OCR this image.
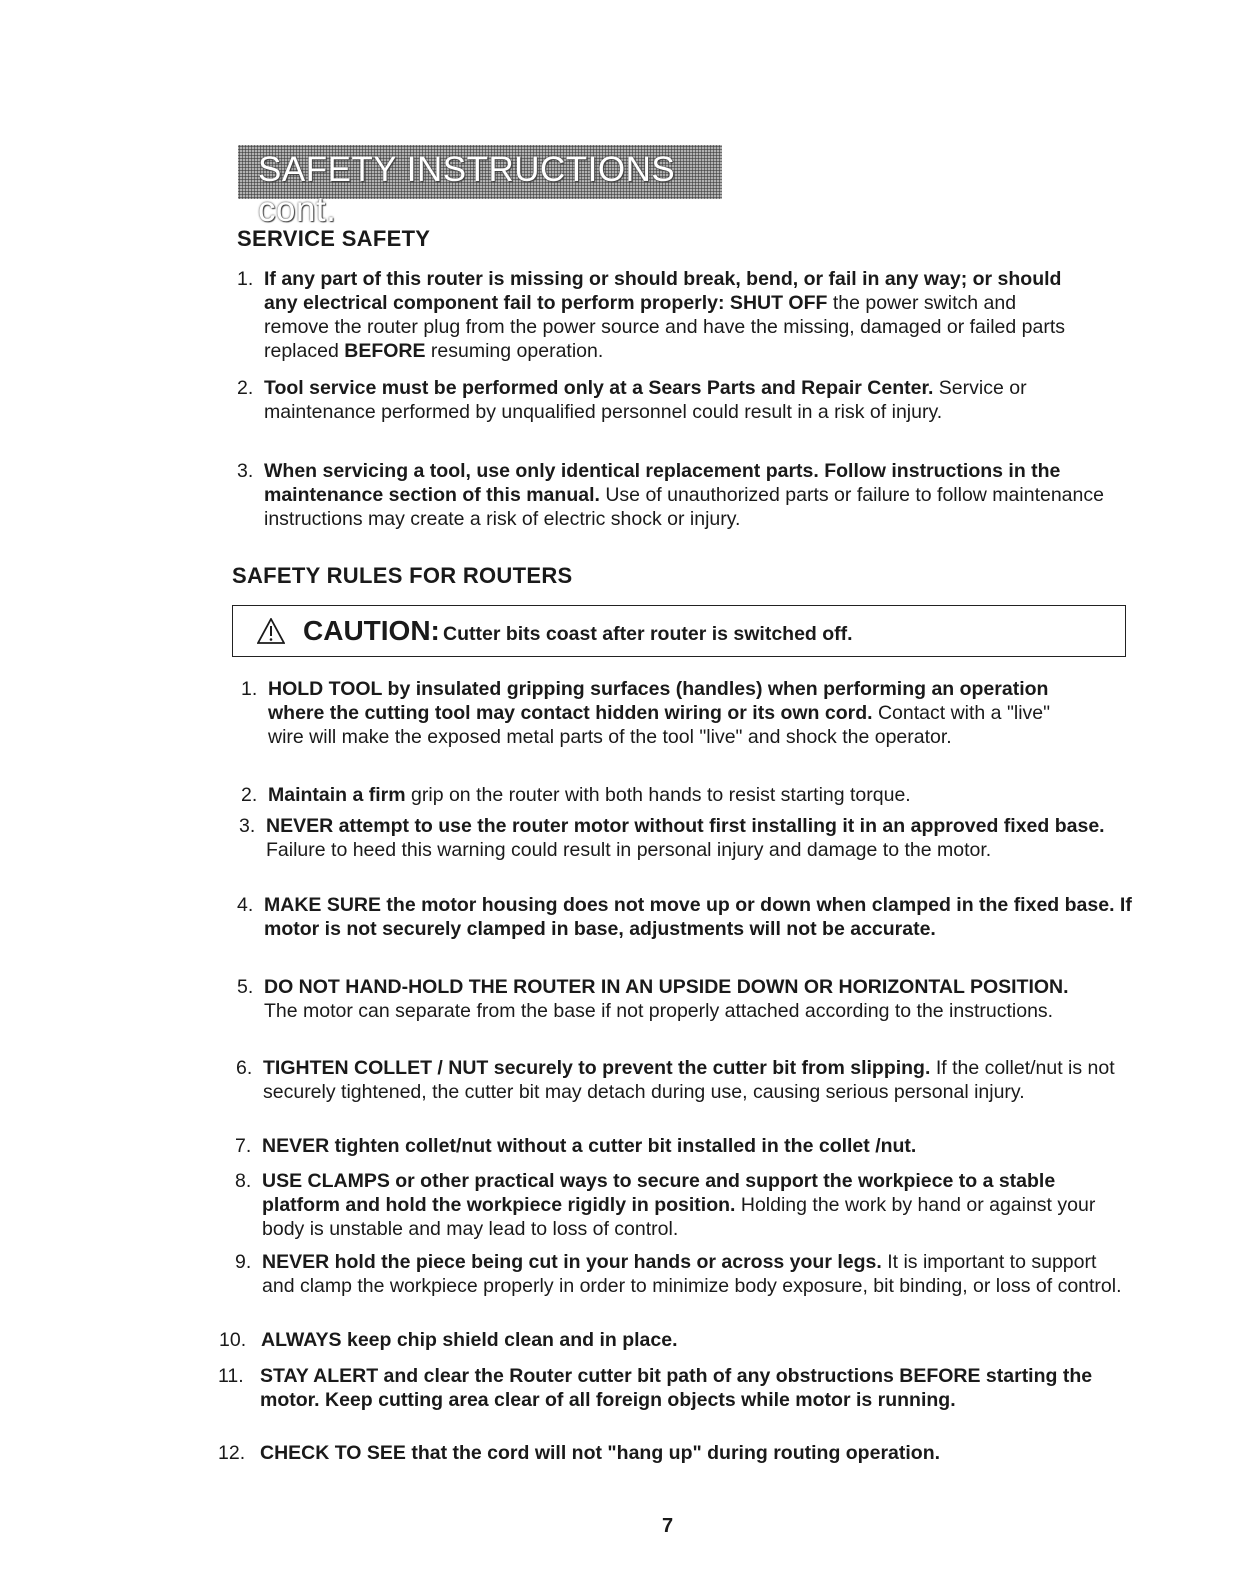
SAFETY INSTRUCTIONS cont.
SERVICE SAFETY
1. If any part of this router is missing or should break, bend, or fail in any way; or should any electrical component fail to perform properly: SHUT OFF the power switch and remove the router plug from the power source and have the missing, damaged or failed parts replaced BEFORE resuming operation.
2. Tool service must be performed only at a Sears Parts and Repair Center. Service or maintenance performed by unqualified personnel could result in a risk of injury.
3. When servicing a tool, use only identical replacement parts. Follow instructions in the maintenance section of this manual. Use of unauthorized parts or failure to follow maintenance instructions may create a risk of electric shock or injury.
SAFETY RULES FOR ROUTERS
CAUTION: Cutter bits coast after router is switched off.
1. HOLD TOOL by insulated gripping surfaces (handles) when performing an operation where the cutting tool may contact hidden wiring or its own cord. Contact with a "live" wire will make the exposed metal parts of the tool "live" and shock the operator.
2. Maintain a firm grip on the router with both hands to resist starting torque.
3. NEVER attempt to use the router motor without first installing it in an approved fixed base. Failure to heed this warning could result in personal injury and damage to the motor.
4. MAKE SURE the motor housing does not move up or down when clamped in the fixed base. If motor is not securely clamped in base, adjustments will not be accurate.
5. DO NOT HAND-HOLD THE ROUTER IN AN UPSIDE DOWN OR HORIZONTAL POSITION. The motor can separate from the base if not properly attached according to the instructions.
6. TIGHTEN COLLET / NUT securely to prevent the cutter bit from slipping. If the collet/nut is not securely tightened, the cutter bit may detach during use, causing serious personal injury.
7. NEVER tighten collet/nut without a cutter bit installed in the collet /nut.
8. USE CLAMPS or other practical ways to secure and support the workpiece to a stable platform and hold the workpiece rigidly in position. Holding the work by hand or against your body is unstable and may lead to loss of control.
9. NEVER hold the piece being cut in your hands or across your legs. It is important to support and clamp the workpiece properly in order to minimize body exposure, bit binding, or loss of control.
10. ALWAYS keep chip shield clean and in place.
11. STAY ALERT and clear the Router cutter bit path of any obstructions BEFORE starting the motor. Keep cutting area clear of all foreign objects while motor is running.
12. CHECK TO SEE that the cord will not "hang up" during routing operation.
7
